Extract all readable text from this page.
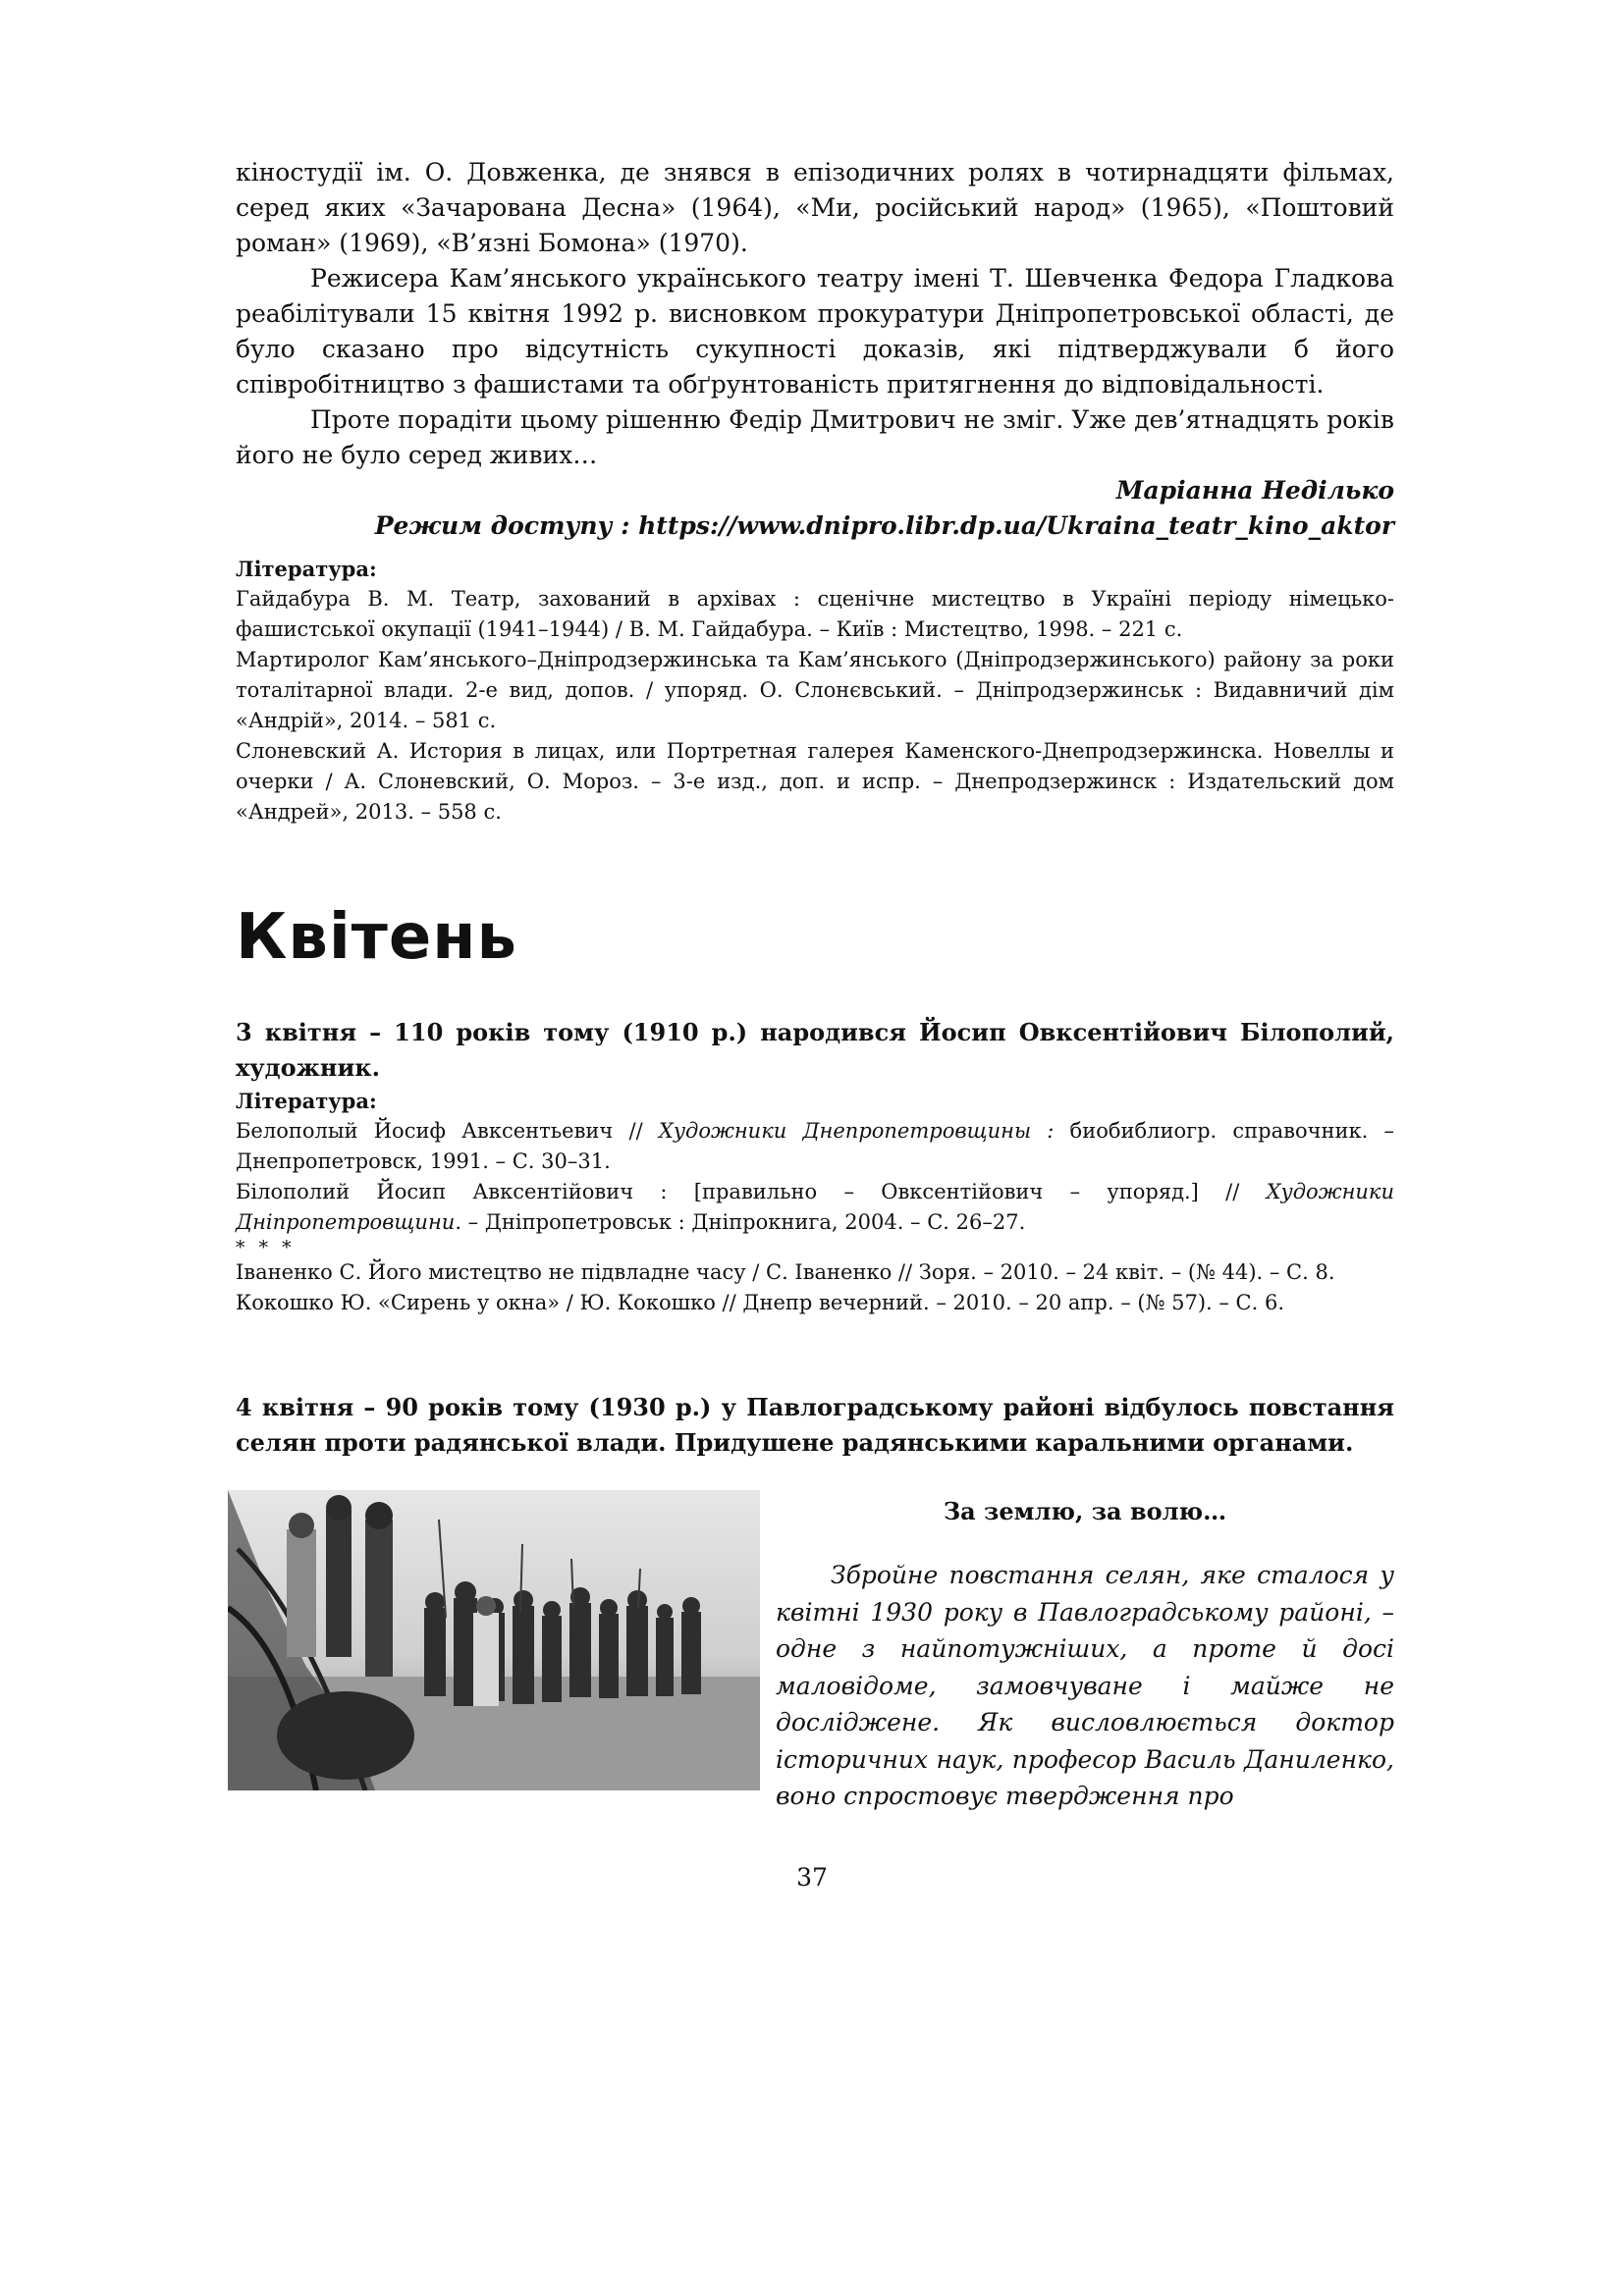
кіностудії ім. О. Довженка, де знявся в епізодичних ролях в чотирнадцяти фільмах, серед яких «Зачарована Десна» (1964), «Ми, російський народ» (1965), «Поштовий роман» (1969), «В’язні Бомона» (1970).

Режисера Кам’янського українського театру імені Т. Шевченка Федора Гладкова реабілітували 15 квітня 1992 р. висновком прокуратури Дніпропетровської області, де було сказано про відсутність сукупності доказів, які підтверджували б його співробітництво з фашистами та обґрунтованість притягнення до відповідальності.

Проте порадіти цьому рішенню Федір Дмитрович не зміг. Уже дев’ятнадцять років його не було серед живих…

Маріанна Неділько

Режим доступу : https://www.dnipro.libr.dp.ua/Ukraina_teatr_kino_aktor

Література:

Гайдабура В. М. Театр, захований в архівах : сценічне мистецтво в Україні періоду німецько-фашистської окупації (1941–1944) / В. М. Гайдабура. – Київ : Мистецтво, 1998. – 221 с.

Мартиролог Кам’янського–Дніпродзержинська та Кам’янського (Дніпродзержинського) району за роки тоталітарної влади. 2-е вид, допов. / упоряд. О. Слонєвський. – Дніпродзержинськ : Видавничий дім «Андрій», 2014. – 581 с.

Слоневский А. История в лицах, или Портретная галерея Каменского-Днепродзержинска. Новеллы и очерки / А. Слоневский, О. Мороз. – 3-е изд., доп. и испр. – Днепродзержинск : Издательский дом «Андрей», 2013. – 558 с.

Квітень

3 квітня – 110 років тому (1910 р.) народився Йосип Овксентійович Білополий, художник.

Література:

Белополый Йосиф Авксентьевич // Художники Днепропетровщины : биобиблиогр. справочник. – Днепропетровск, 1991. – С. 30–31.

Білополий Йосип Авксентійович : [правильно – Овксентійович – упоряд.] // Художники Дніпропетровщини. – Дніпропетровськ : Дніпрокнига, 2004. – С. 26–27.

* * *

Іваненко С. Його мистецтво не підвладне часу / С. Іваненко // Зоря. – 2010. – 24 квіт. – (№ 44). – С. 8.

Кокошко Ю. «Сирень у окна» / Ю. Кокошко // Днепр вечерний. – 2010. – 20 апр. – (№ 57). – С. 6.

4 квітня – 90 років тому (1930 р.) у Павлоградському районі відбулось повстання селян проти радянської влади. Придушене радянськими каральними органами.

За землю, за волю…

Збройне повстання селян, яке сталося у квітні 1930 року в Павлоградському районі, – одне з найпотужніших, а проте й досі маловідоме, замовчуване і майже не досліджене. Як висловлюється доктор історичних наук, професор Василь Даниленко, воно спростовує твердження про

37
